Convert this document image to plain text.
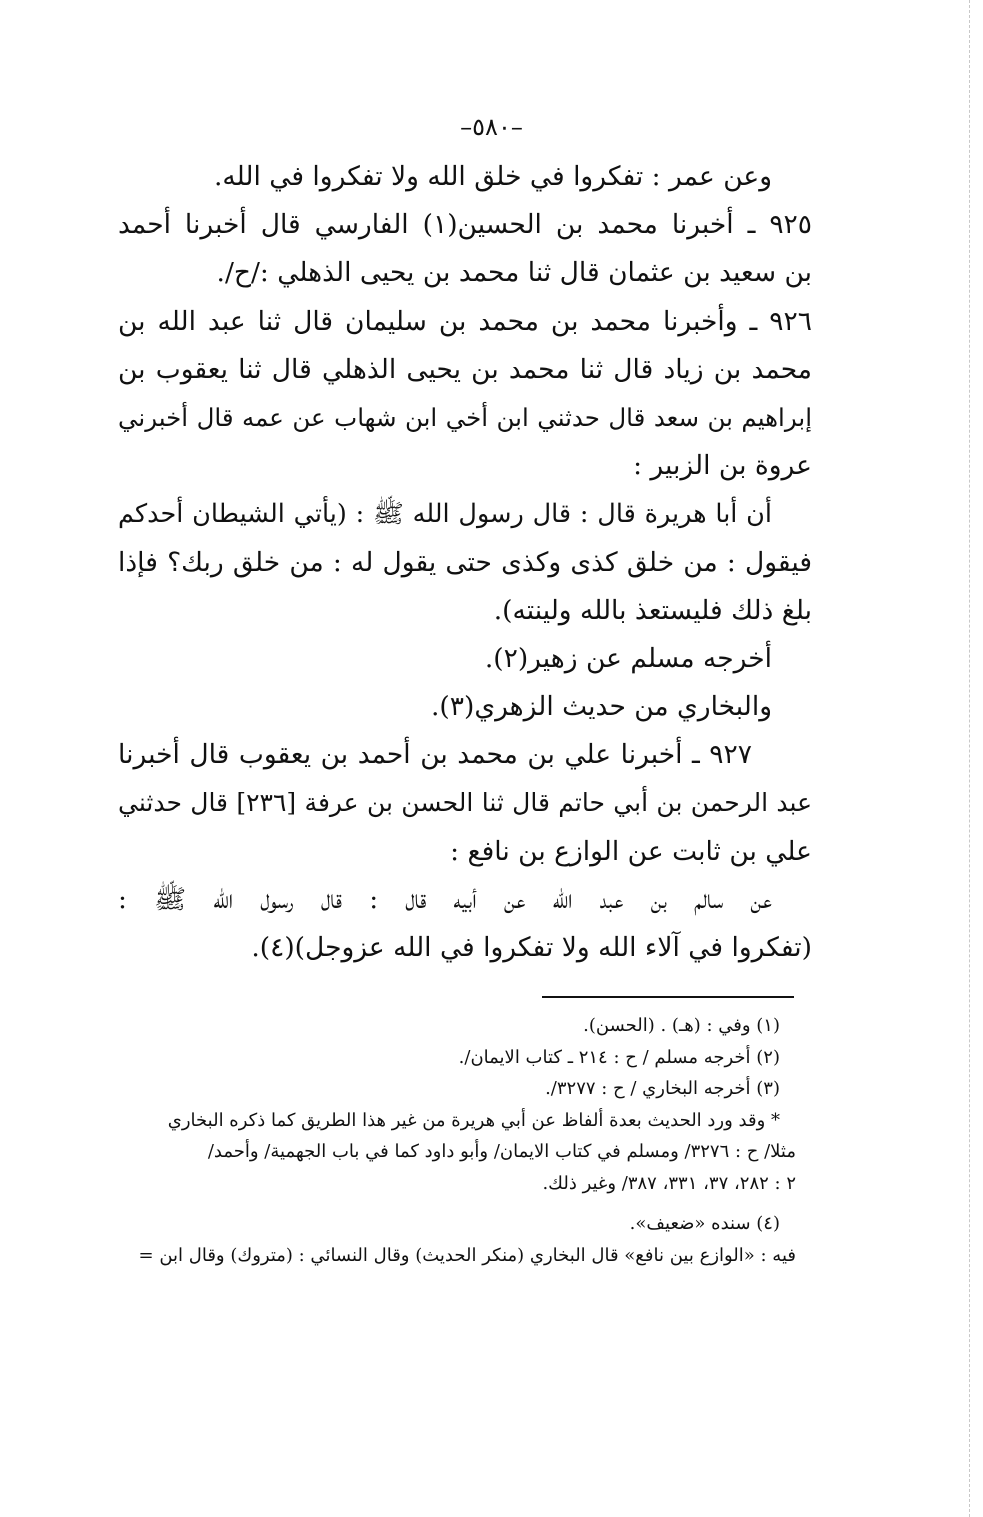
–٥٨٠–
وعن عمر : تفكروا في خلق الله ولا تفكروا في الله.
٩٢٥ ـ أخبرنا محمد بن الحسين(١) الفارسي قال أخبرنا أحمد
بن سعيد بن عثمان قال ثنا محمد بن يحيى الذهلي :/ح/.
٩٢٦ ـ وأخبرنا محمد بن محمد بن سليمان قال ثنا عبد الله بن
محمد بن زياد قال ثنا محمد بن يحيى الذهلي قال ثنا يعقوب بن
إبراهيم بن سعد قال حدثني ابن أخي ابن شهاب عن عمه قال أخبرني
عروة بن الزبير :
أن أبا هريرة قال : قال رسول الله ﷺ : (يأتي الشيطان أحدكم
فيقول : من خلق كذى وكذى حتى يقول له : من خلق ربك؟ فإذا
بلغ ذلك فليستعذ بالله ولينته).
أخرجه مسلم عن زهير(٢).
والبخاري من حديث الزهري(٣).
٩٢٧ ـ أخبرنا علي بن محمد بن أحمد بن يعقوب قال أخبرنا
عبد الرحمن بن أبي حاتم قال ثنا الحسن بن عرفة [٢٣٦] قال حدثني
علي بن ثابت عن الوازع بن نافع :
عن سالم بن عبد الله عن أبيه قال : قال رسول الله ﷺ :
(تفكروا في آلاء الله ولا تفكروا في الله عزوجل)(٤).
(١) وفي : (هـ) . (الحسن).
(٢) أخرجه مسلم / ح : ٢١٤ ـ كتاب الايمان/.
(٣) أخرجه البخاري / ح : ٣٢٧٧/.
* وقد ورد الحديث بعدة ألفاظ عن أبي هريرة من غير هذا الطريق كما ذكره البخاري
مثلا/ ح : ٣٢٧٦/ ومسلم في كتاب الايمان/ وأبو داود كما في باب الجهمية/ وأحمد/
٢ : ٢٨٢، ٣٧، ٣٣١، ٣٨٧/ وغير ذلك.
(٤) سنده «ضعيف».
فيه : «الوازع بين نافع» قال البخاري (منكر الحديث) وقال النسائي : (متروك) وقال ابن =
